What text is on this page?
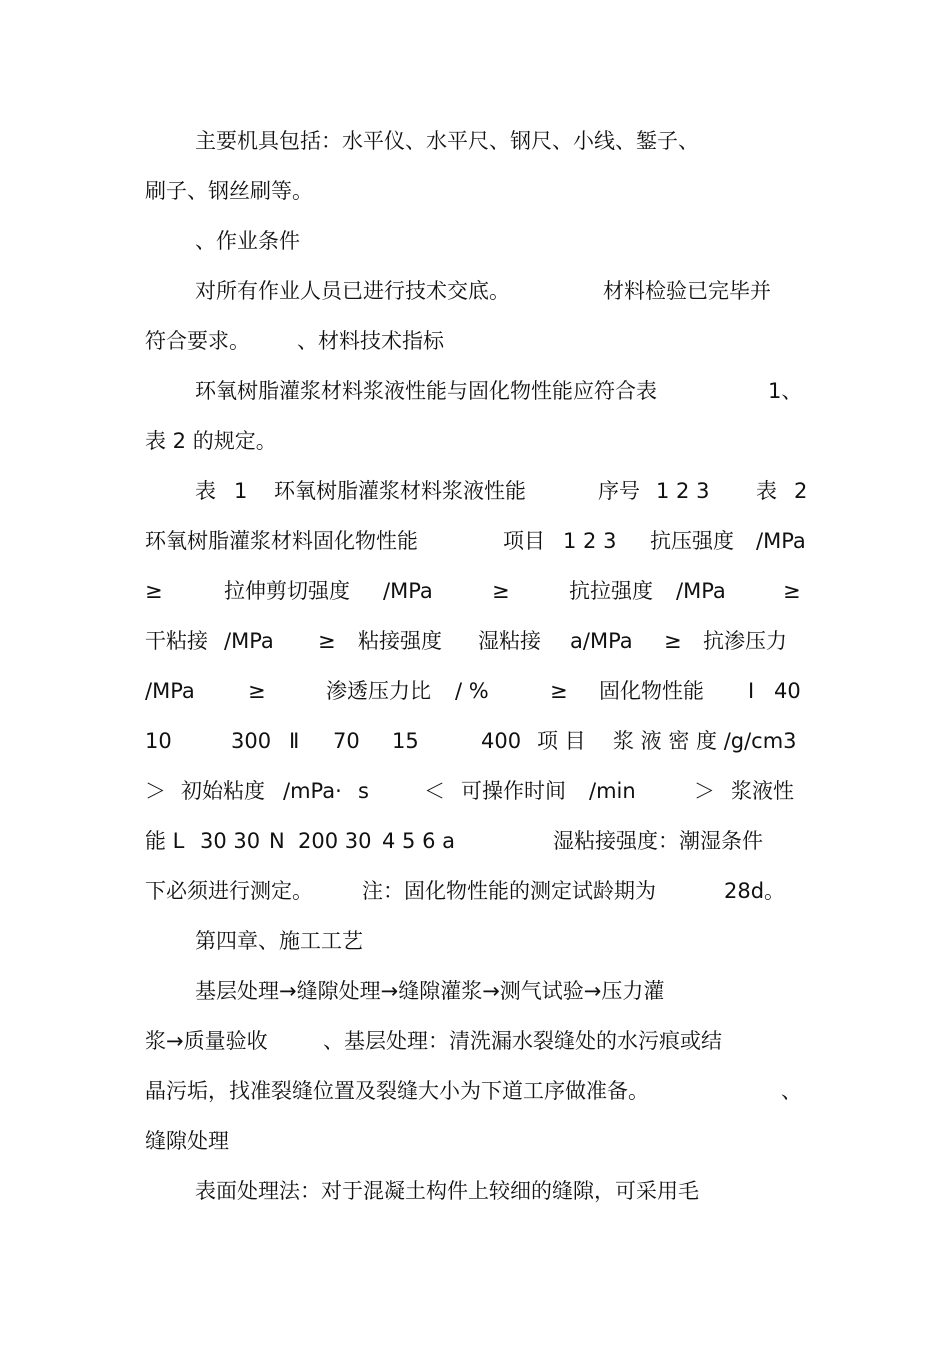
主要机具包括：水平仪、水平尺、钢尺、小线、錾子、
刷子、钢丝刷等。
、作业条件
对所有作业人员已进行技术交底。	材料检验已完毕并
符合要求。 、材料技术指标
环氧树脂灌浆材料浆液性能与固化物性能应符合表	1、
表 2 的规定。
表 1 环氧树脂灌浆材料浆液性能	序号 1 2 3 表 2
环氧树脂灌浆材料固化物性能	项目 1 2 3 抗压强度 /MPa
≥	拉伸剪切强度 /MPa	≥	抗拉强度 /MPa	≥
干粘接 /MPa ≥ 粘接强度 湿粘接 a/MPa ≥ 抗渗压力
/MPa	≥	渗透压力比 / %	≥ 固化物性能 Ⅰ 40
10	300 Ⅱ 70 15	400 项 目 浆 液 密 度 /g/cm3
＞ 初始粘度 /mPa· s	＜ 可操作时间 /min	＞ 浆液性
能 L 30 30 N 200 30 4 5 6 a	湿粘接强度：潮湿条件
下必须进行测定。 注：固化物性能的测定试龄期为	28d。
第四章、施工工艺
基层处理→缝隙处理→缝隙灌浆→测气试验→压力灌
浆→质量验收	、基层处理：清洗漏水裂缝处的水污痕或结
晶污垢，找准裂缝位置及裂缝大小为下道工序做准备。	、
缝隙处理
表面处理法：对于混凝土构件上较细的缝隙，可采用毛
